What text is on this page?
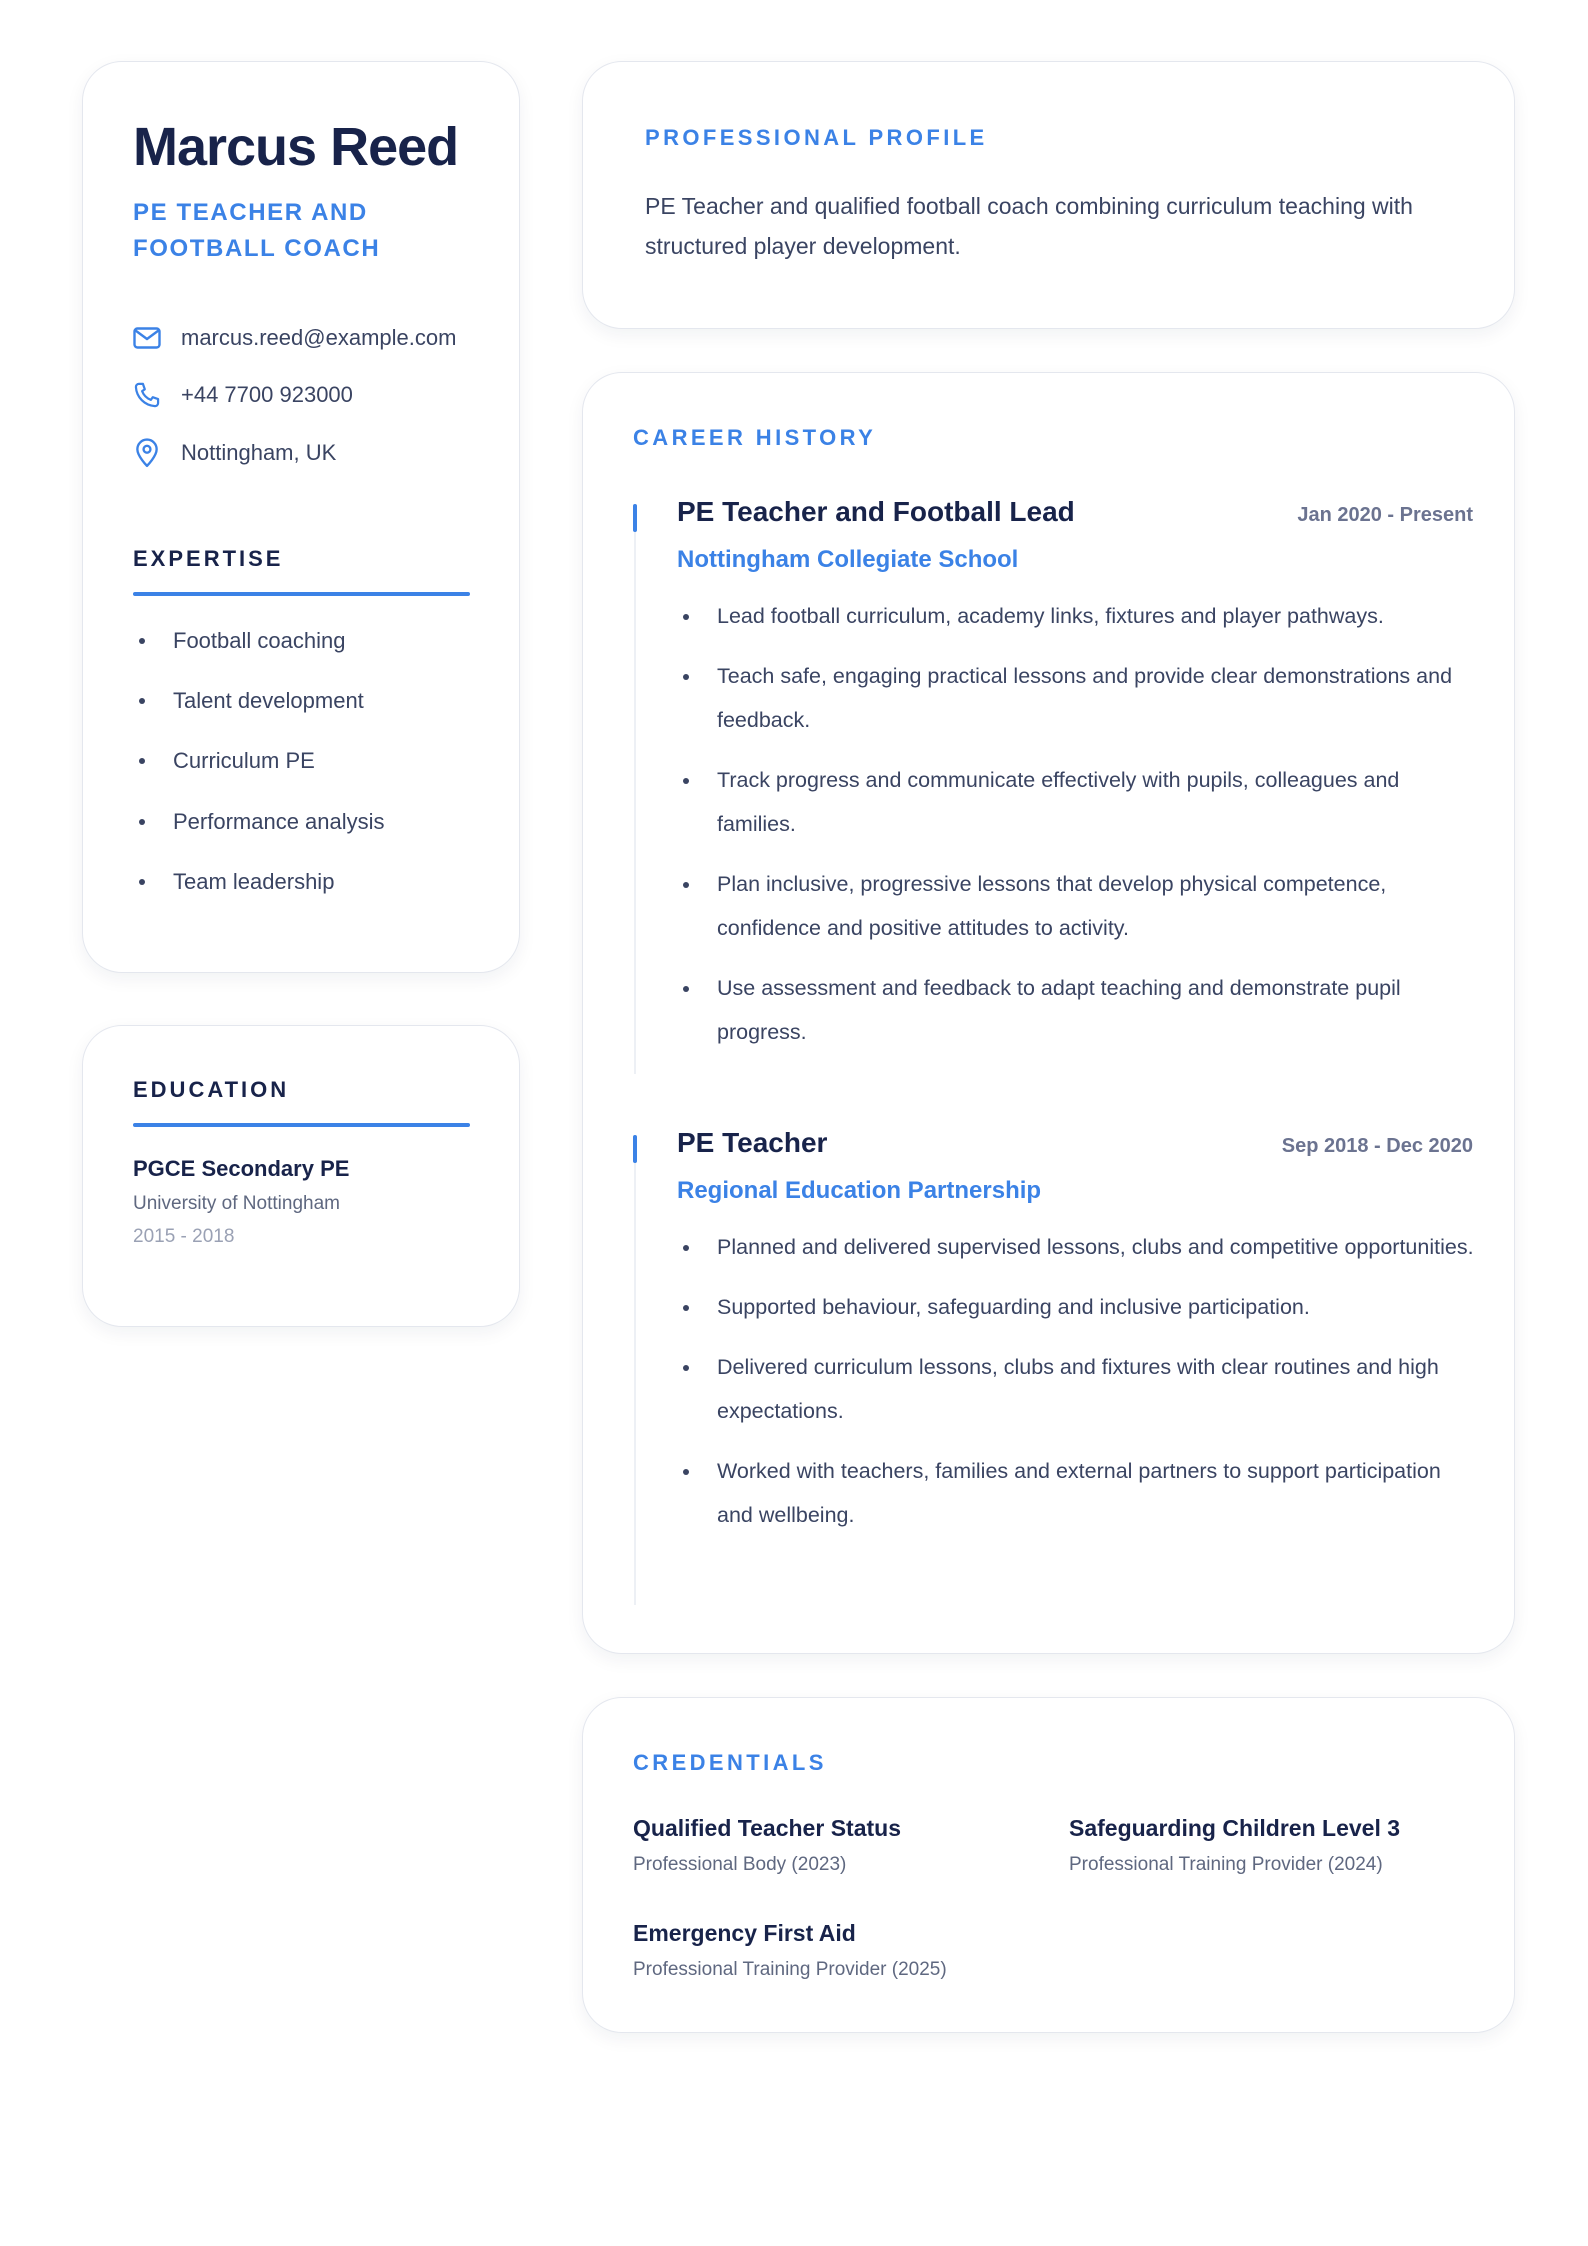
Marcus Reed
PE TEACHER AND FOOTBALL COACH
marcus.reed@example.com
+44 7700 923000
Nottingham, UK
EXPERTISE
Football coaching
Talent development
Curriculum PE
Performance analysis
Team leadership
EDUCATION
PGCE Secondary PE
University of Nottingham
2015 - 2018
PROFESSIONAL PROFILE
PE Teacher and qualified football coach combining curriculum teaching with structured player development.
CAREER HISTORY
PE Teacher and Football Lead	Jan 2020 - Present
Nottingham Collegiate School
Lead football curriculum, academy links, fixtures and player pathways.
Teach safe, engaging practical lessons and provide clear demonstrations and feedback.
Track progress and communicate effectively with pupils, colleagues and families.
Plan inclusive, progressive lessons that develop physical competence, confidence and positive attitudes to activity.
Use assessment and feedback to adapt teaching and demonstrate pupil progress.
PE Teacher	Sep 2018 - Dec 2020
Regional Education Partnership
Planned and delivered supervised lessons, clubs and competitive opportunities.
Supported behaviour, safeguarding and inclusive participation.
Delivered curriculum lessons, clubs and fixtures with clear routines and high expectations.
Worked with teachers, families and external partners to support participation and wellbeing.
CREDENTIALS
Qualified Teacher Status
Professional Body (2023)
Safeguarding Children Level 3
Professional Training Provider (2024)
Emergency First Aid
Professional Training Provider (2025)
